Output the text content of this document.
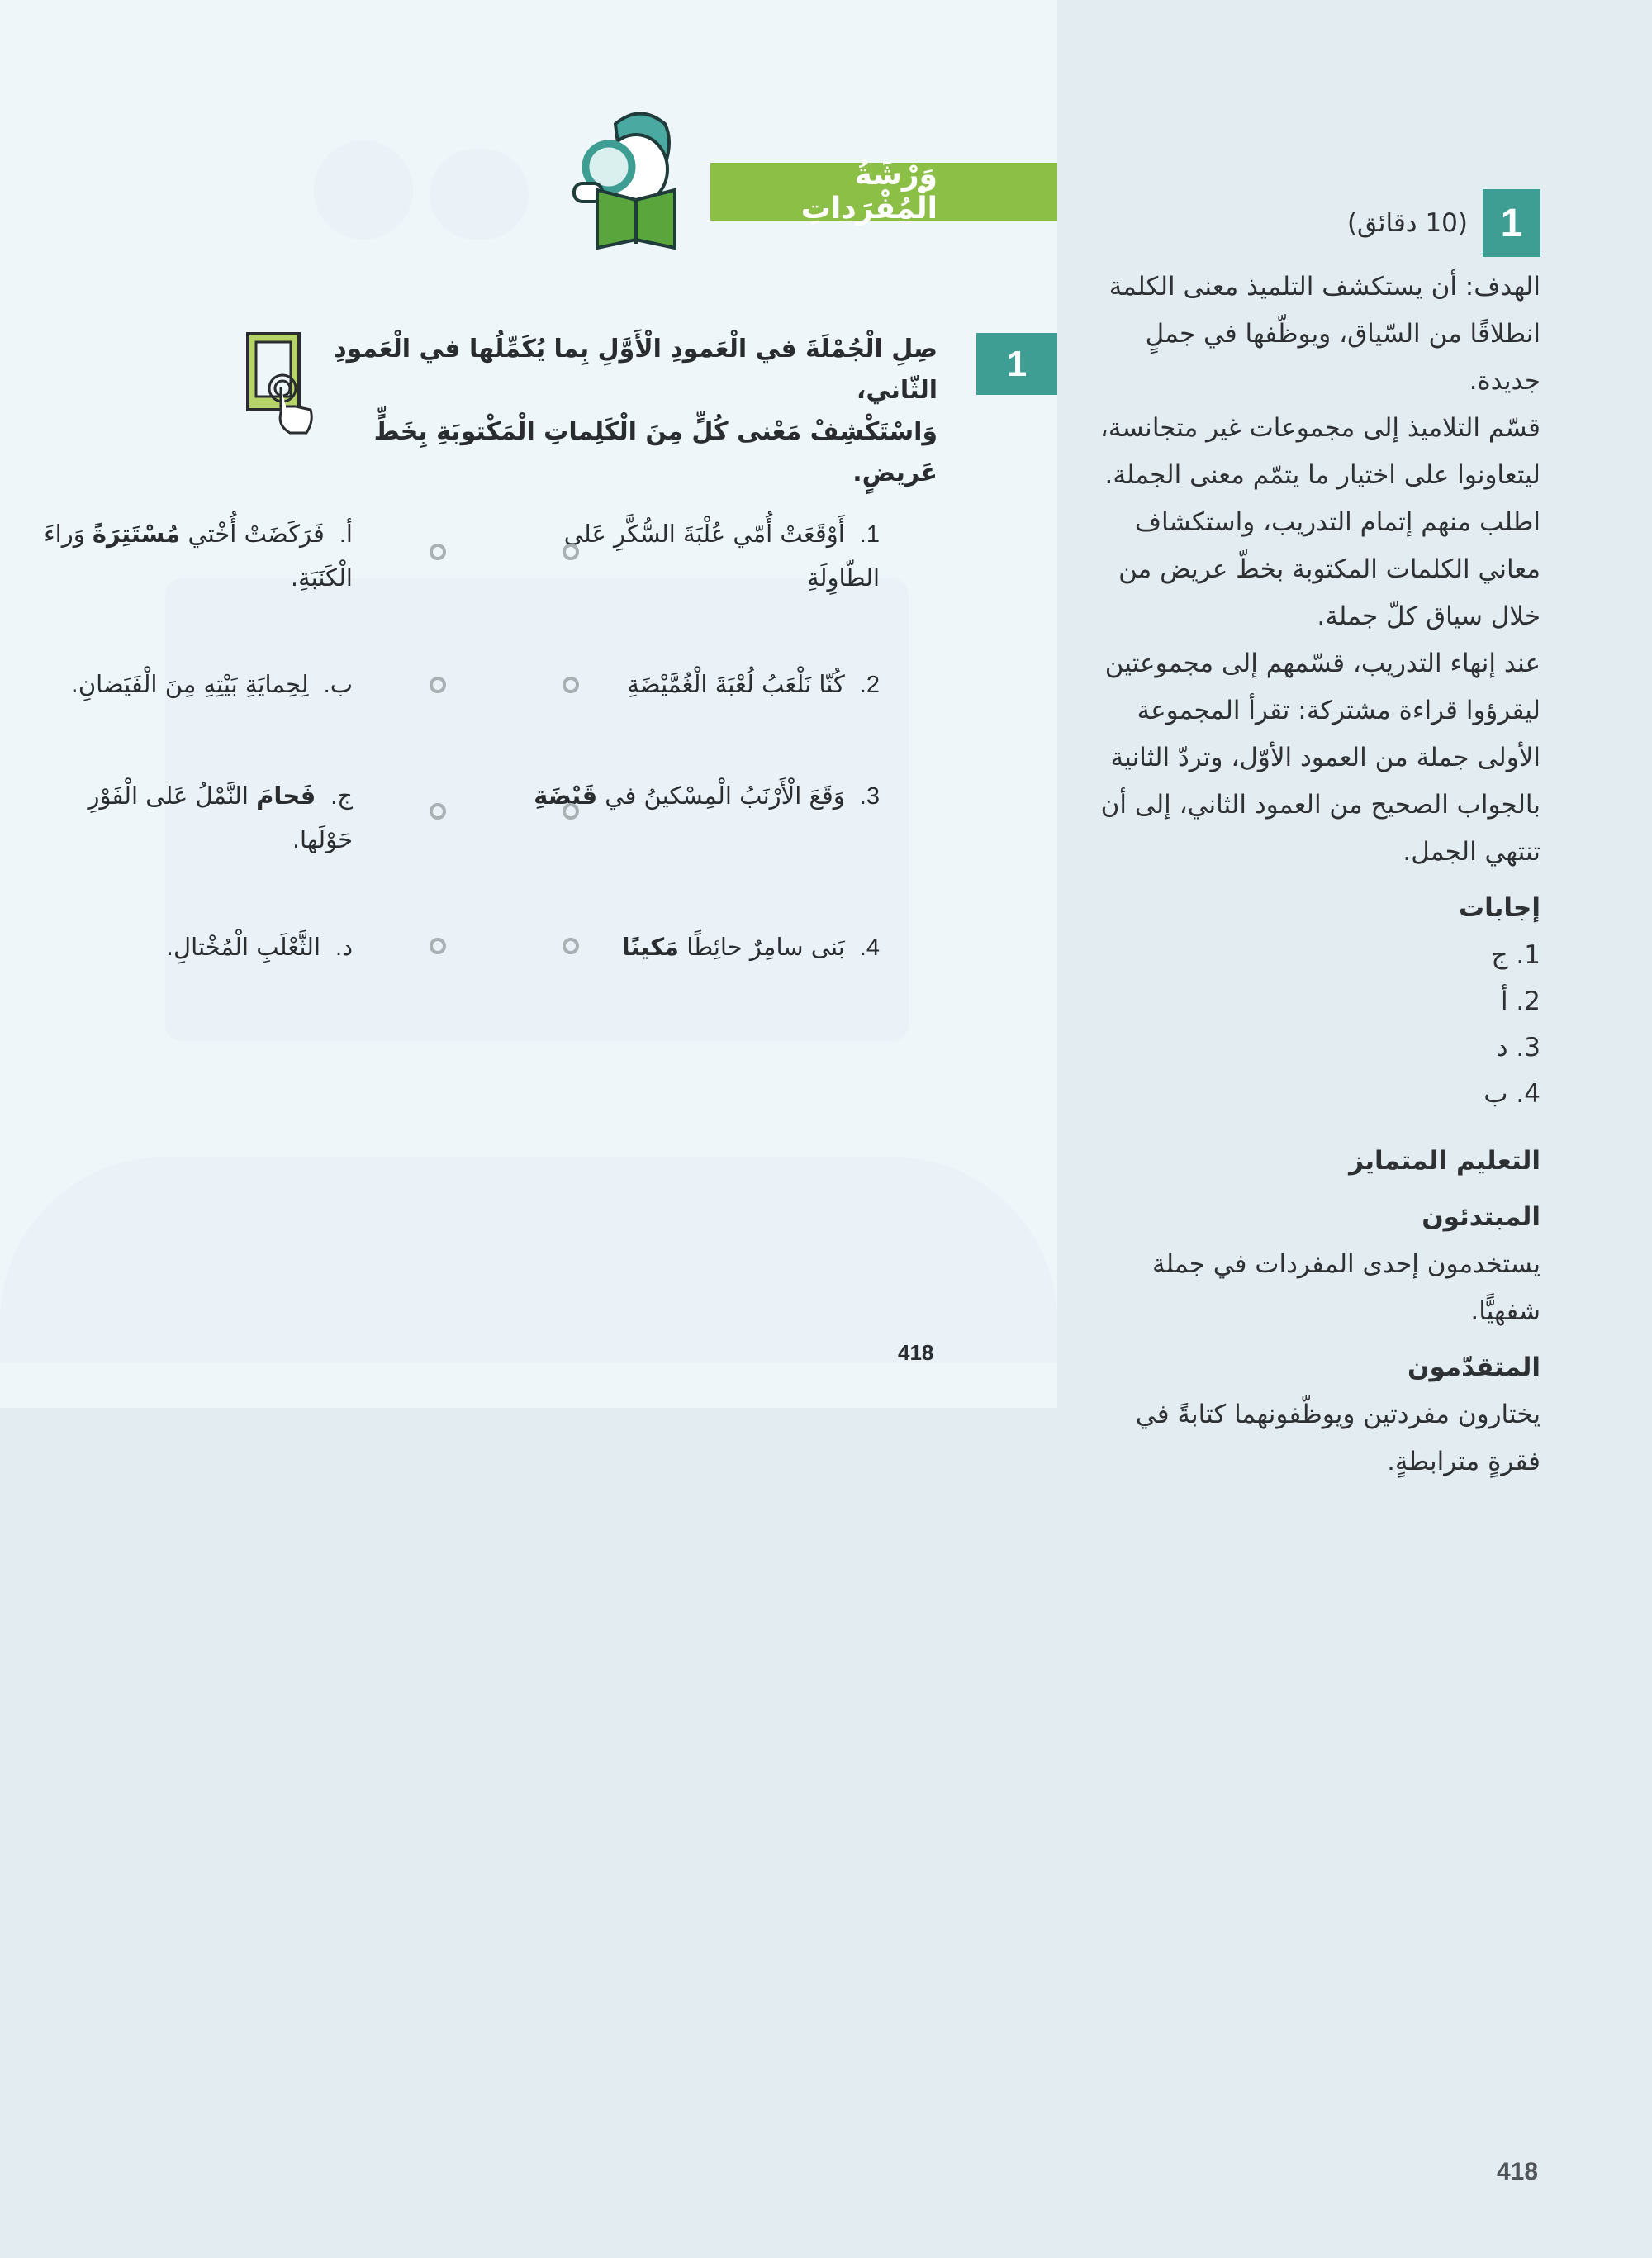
وَرْشَةُ الْمُفْرَداتِ
1
صِلِ الْجُمْلَةَ في الْعَمودِ الْأَوَّلِ بِما يُكَمِّلُها في الْعَمودِ الثّاني،
وَاسْتَكْشِفْ مَعْنى كُلٍّ مِنَ الْكَلِماتِ الْمَكْتوبَةِ بِخَطٍّ عَريضٍ.
1.أَوْقَعَتْ أُمّي عُلْبَةَ السُّكَّرِ عَلى الطّاوِلَةِ
أ.فَرَكَضَتْ أُخْتي مُسْتَتِرَةً وَراءَ الْكَنَبَةِ.
2.كُنّا نَلْعَبُ لُعْبَةَ الْغُمَّيْضَةِ
ب.لِحِمايَةِ بَيْتِهِ مِنَ الْفَيَضانِ.
3.وَقَعَ الْأَرْنَبُ الْمِسْكينُ في قَبْضَةِ
ج.فَحامَ النَّمْلُ عَلى الْفَوْرِ حَوْلَها.
4.بَنى سامِرٌ حائِطًا مَكينًا
د.الثَّعْلَبِ الْمُخْتالِ.
418
1
(10 دقائق)

الهدف: أن يستكشف التلميذ معنى الكلمة انطلاقًا من السّياق، ويوظّفها في جملٍ جديدة.

قسّم التلاميذ إلى مجموعات غير متجانسة، ليتعاونوا على اختيار ما يتمّم معنى الجملة. اطلب منهم إتمام التدريب، واستكشاف معاني الكلمات المكتوبة بخطّ عريض من خلال سياق كلّ جملة.

عند إنهاء التدريب، قسّمهم إلى مجموعتين ليقرؤوا قراءة مشتركة: تقرأ المجموعة الأولى جملة من العمود الأوّل، وتردّ الثانية بالجواب الصحيح من العمود الثاني، إلى أن تنتهي الجمل.

إجابات
1. ج
2. أ
3. د
4. ب
التعليم المتمايز
المبتدئون

يستخدمون إحدى المفردات في جملة شفهيًّا.

المتقدّمون

يختارون مفردتين ويوظّفونهما كتابةً في فقرةٍ مترابطةٍ.

418
